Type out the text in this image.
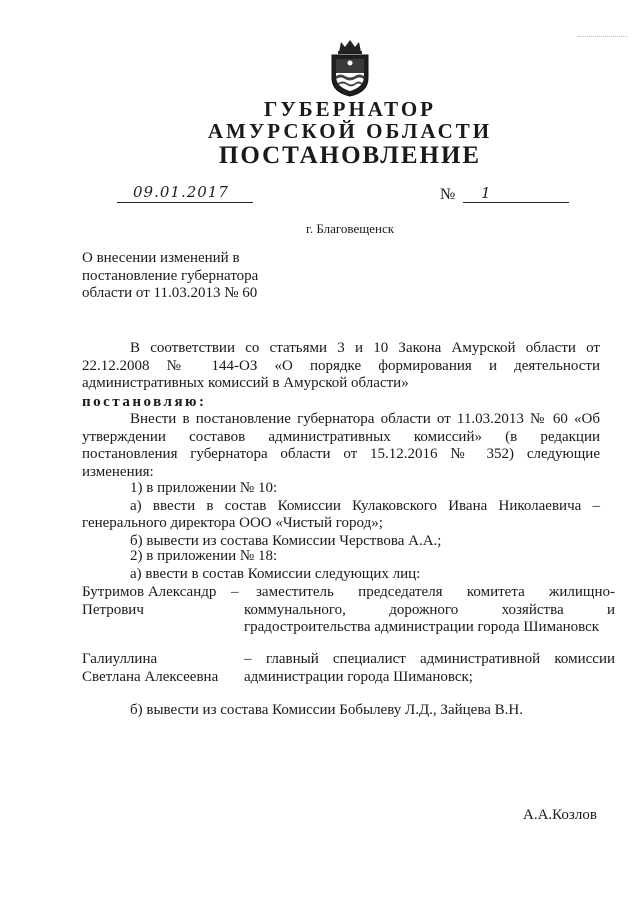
ГУБЕРНАТОР
АМУРСКОЙ ОБЛАСТИ
ПОСТАНОВЛЕНИЕ
09.01.2017	№ 1
г. Благовещенск
О внесении изменений в
постановление губернатора
области от 11.03.2013 № 60
В соответствии со статьями 3 и 10 Закона Амурской области от
22.12.2008 № 144-ОЗ «О порядке формирования и деятельности
административных комиссий в Амурской области»
постановляю:
Внести в постановление губернатора области от 11.03.2013 № 60 «Об
утверждении составов административных комиссий» (в редакции
постановления губернатора области от 15.12.2016 № 352) следующие
изменения:
1) в приложении № 10:
а) ввести в состав Комиссии Кулаковского Ивана Николаевича –
генерального директора ООО «Чистый город»;
б) вывести из состава Комиссии Черствова А.А.;
2) в приложении № 18:
а) ввести в состав Комиссии следующих лиц:
Бутримов Александр
Петрович
–	заместитель председателя комитета жилищно-
коммунального, дорожного хозяйства и
градостроительства администрации города Шимановск
Галиуллина
Светлана Алексеевна
– главный специалист административной комиссии
администрации города Шимановск;
б) вывести из состава Комиссии Бобылеву Л.Д., Зайцева В.Н.
А.А.Козлов
